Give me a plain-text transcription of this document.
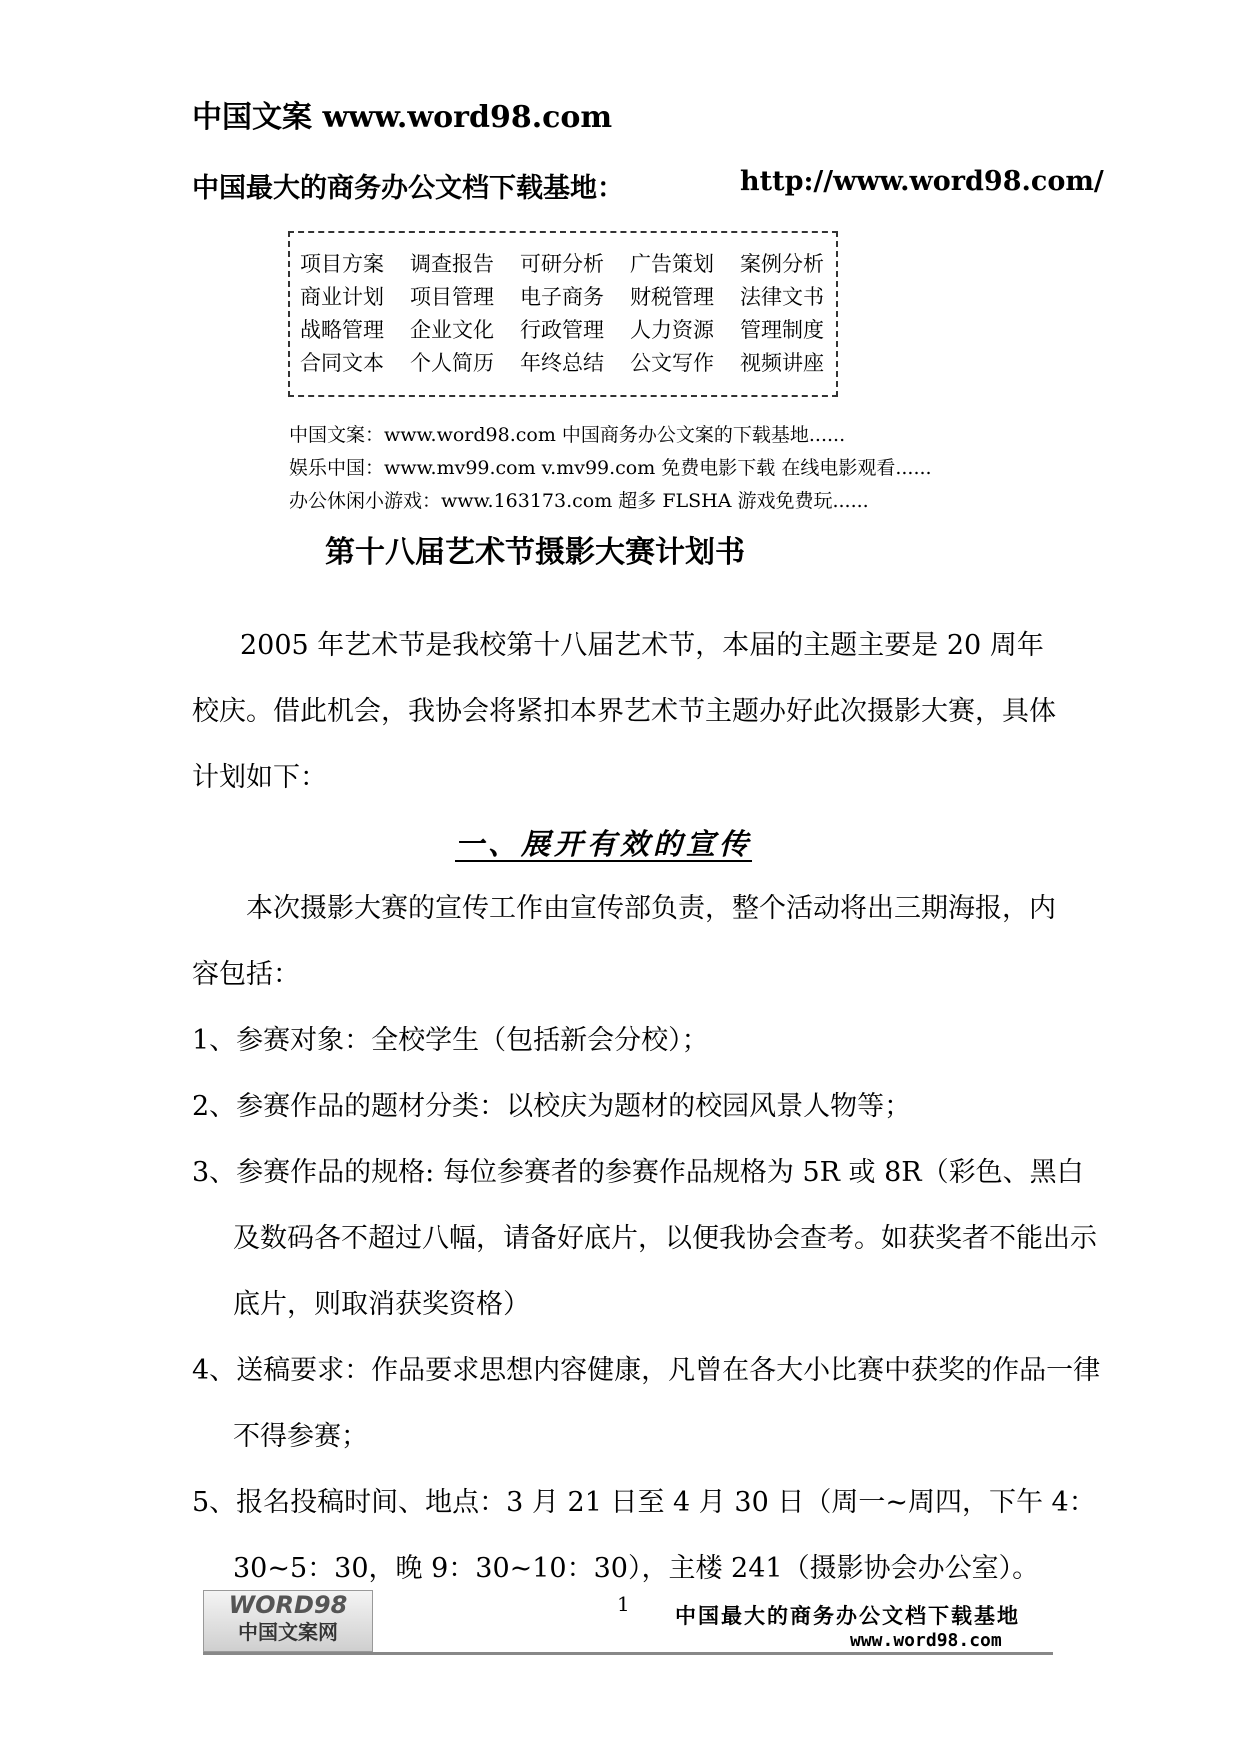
中国文案 www.word98.com
中国最大的商务办公文档下载基地：	http://www.word98.com/
项目方案 调查报告 可研分析 广告策划 案例分析
商业计划 项目管理 电子商务 财税管理 法律文书
战略管理 企业文化 行政管理 人力资源 管理制度
合同文本 个人简历 年终总结 公文写作 视频讲座
中国文案：www.word98.com 中国商务办公文案的下载基地......
娱乐中国：www.mv99.com v.mv99.com 免费电影下载 在线电影观看......
办公休闲小游戏：www.163173.com 超多 FLSHA 游戏免费玩......
第十八届艺术节摄影大赛计划书
2005 年艺术节是我校第十八届艺术节，本届的主题主要是 20 周年校庆。借此机会，我协会将紧扣本界艺术节主题办好此次摄影大赛，具体计划如下：
一、展开有效的宣传
本次摄影大赛的宣传工作由宣传部负责，整个活动将出三期海报，内容包括：
1、参赛对象：全校学生（包括新会分校）；
2、参赛作品的题材分类：以校庆为题材的校园风景人物等；
3、参赛作品的规格: 每位参赛者的参赛作品规格为 5R 或 8R（彩色、黑白及数码各不超过八幅，请备好底片，以便我协会查考。如获奖者不能出示底片，则取消获奖资格）
4、送稿要求：作品要求思想内容健康，凡曾在各大小比赛中获奖的作品一律不得参赛；
5、报名投稿时间、地点：3 月 21 日至 4 月 30 日（周一~周四，下午 4：30~5：30，晚 9：30~10：30），主楼 241（摄影协会办公室）。
WORD98
中国文案网
1 中国最大的商务办公文档下载基地
www.word98.com
